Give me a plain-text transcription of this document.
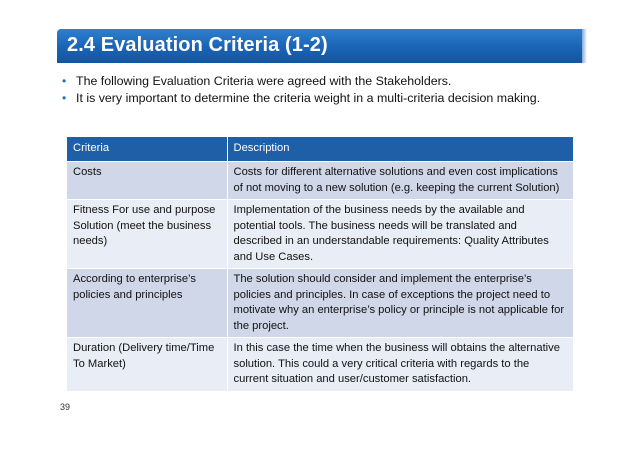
2.4 Evaluation Criteria (1-2)
• The following Evaluation Criteria were agreed with the Stakeholders.
• It is very important to determine the criteria weight in a multi-criteria decision making.
Criteria	Description
Costs	Costs for different alternative solutions and even cost implications of not moving to a new solution (e.g. keeping the current Solution)
Fitness For use and purpose Solution (meet the business needs)	Implementation of the business needs by the available and potential tools. The business needs will be translated and described in an understandable requirements: Quality Attributes and Use Cases.
According to enterprise’s policies and principles	The solution should consider and implement the enterprise’s policies and principles. In case of exceptions the project need to motivate why an enterprise’s policy or principle is not applicable for the project.
Duration (Delivery time/Time To Market)	In this case the time when the business will obtains the alternative solution. This could a very critical criteria with regards to the current situation and user/customer satisfaction.
39
